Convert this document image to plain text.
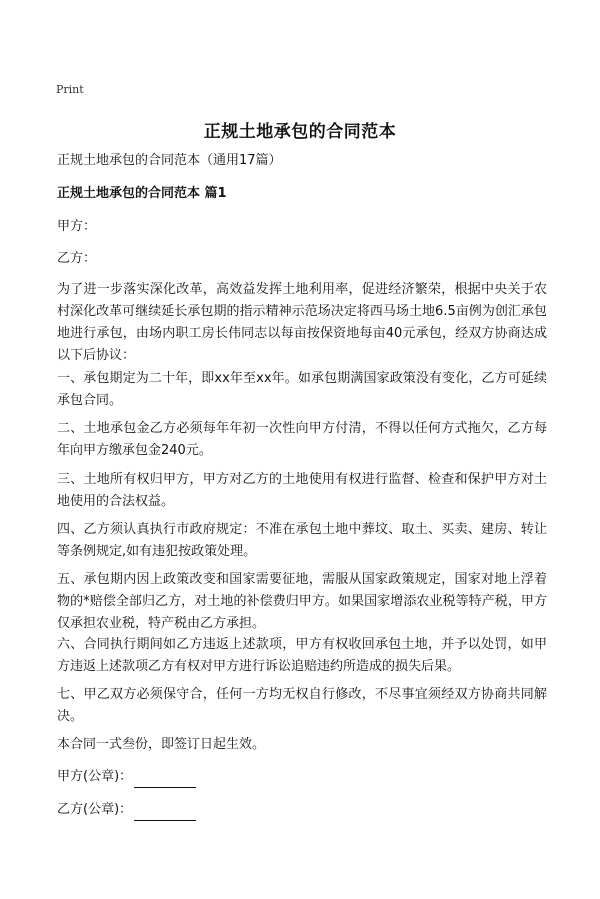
Print
正规土地承包的合同范本

正规土地承包的合同范本（通用17篇）

正规土地承包的合同范本 篇1

甲方：

乙方：

为了进一步落实深化改革，高效益发挥土地利用率，促进经济繁荣，根据中央关于农村深化改革可继续延长承包期的指示精神示范场决定将西马场土地6.5亩例为创汇承包地进行承包，由场内职工房长伟同志以每亩按保资地每亩40元承包，经双方协商达成以下后协议：

一、承包期定为二十年，即xx年至xx年。如承包期满国家政策没有变化，乙方可延续承包合同。

二、土地承包金乙方必须每年年初一次性向甲方付清，不得以任何方式拖欠，乙方每年向甲方缴承包金240元。

三、土地所有权归甲方，甲方对乙方的土地使用有权进行监督、检查和保护甲方对土地使用的合法权益。

四、乙方须认真执行市政府规定：不准在承包土地中葬坟、取土、买卖、建房、转让等条例规定,如有违犯按政策处理。

五、承包期内因上政策改变和国家需要征地，需服从国家政策规定，国家对地上浮着物的*赔偿全部归乙方，对土地的补偿费归甲方。如果国家增添农业税等特产税，甲方仅承担农业税，特产税由乙方承担。

六、合同执行期间如乙方违返上述款项，甲方有权收回承包土地，并予以处罚，如甲方违返上述款项乙方有权对甲方进行诉讼追赔违约所造成的损失后果。

七、甲乙双方必须保守合，任何一方均无权自行修改，不尽事宜须经双方协商共同解决。

本合同一式叁份，即签订日起生效。

甲方(公章)：
乙方(公章)：
